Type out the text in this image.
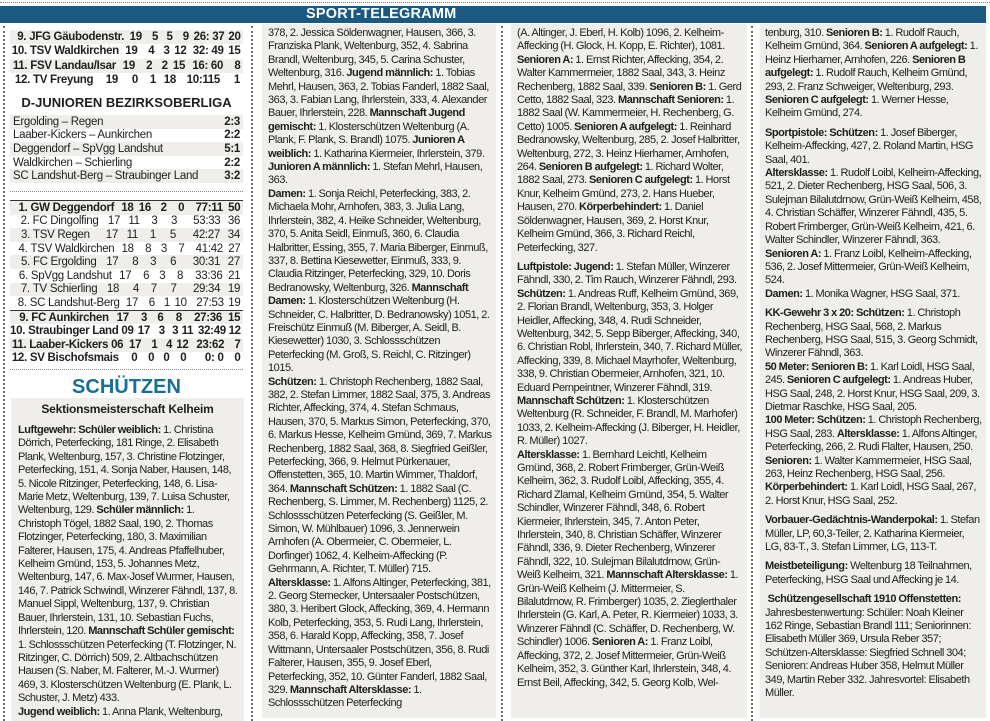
SPORT-TELEGRAMM
9. JFG Gäubodenstr. 19 5 5 9 26: 37 20
10. TSV Waldkirchen 19 4 3 12 32: 49 15
11. FSV Landau/Isar 19 2 2 15 16: 60 8
12. TV Freyung	19	0	1 18 10:115	1
D-JUNIOREN BEZIRKSOBERLIGA
Ergolding – Regen	2:3
Laaber-Kickers – Aunkirchen	2:2
Deggendorf – SpVgg Landshut	5:1
Waldkirchen – Schierling	2:2
SC Landshut-Berg – Straubinger Land	3:2
1. GW Deggendorf 18 16 2 0 77:11 50
2. FC Dingolfing 17 11	3	3	53:33 36
3. TSV Regen	17 11	1	5	42:27 34
4. TSV Waldkirchen 18 8 3 7 41:42 27
5. FC Ergolding 17	8	3	6	30:31 27
6. SpVgg Landshut 17	6 3	8	33:36 21
7. TV Schierling 18	4	7	7	29:34 19
8. SC Landshut-Berg 17 6 1 10 27:53 19
9. FC Aunkirchen 17	3 6	8	27:36 15
10. Straubinger Land 09 17 3 3 11 32:49 12
11. Laaber-Kickers 06 17 1 4 12 23:62 7
12. SV Bischofsmais	0 0 0 0	0: 0 0
SCHÜTZEN
Sektionsmeisterschaft Kelheim

Luftgewehr: Schüler weiblich: 1. Christina Dörrich, Peterfecking, 181 Ringe, 2. Elisabeth Plank, Weltenburg, 157, 3. Christine Flotzinger, Peterfecking, 151, 4. Sonja Naber, Hausen, 148, 5. Nicole Ritzinger, Peterfecking, 148, 6. Lisa-Marie Metz, Weltenburg, 139, 7. Luisa Schuster, Weltenburg, 129. Schüler männlich: 1. Christoph Tögel, 1882 Saal, 190, 2. Thomas Flotzinger, Peterfecking, 180, 3. Maximilian Falterer, Hausen, 175, 4. Andreas Pfaffelhuber, Kelheim Gmünd, 153, 5. Johannes Metz, Weltenburg, 147, 6. Max-Josef Wurmer, Hausen, 146, 7. Patrick Schwindl, Winzerer Fähndl, 137, 8. Manuel Sippl, Weltenburg, 137, 9. Christian Bauer, Ihrlerstein, 131, 10. Sebastian Fuchs, Ihrlerstein, 120. Mannschaft Schüler gemischt: 1. Schlossschützen Peterfecking (T. Flotzinger, N. Ritzinger, C. Dörrich) 509, 2. Altbachschützen Hausen (S. Naber, M. Falterer, M.-J. Wurmer) 469, 3. Klosterschützen Weltenburg (E. Plank, L. Schuster, J. Metz) 433.

Jugend weiblich: 1. Anna Plank, Weltenburg,

378, 2. Jessica Söldenwagner, Hausen, 366, 3. Franziska Plank, Weltenburg, 352, 4. Sabrina Brandl, Weltenburg, 345, 5. Carina Schuster, Weltenburg, 316. Jugend männlich: 1. Tobias Mehrl, Hausen, 363, 2. Tobias Fanderl, 1882 Saal, 363, 3. Fabian Lang, Ihrlerstein, 333, 4. Alexander Bauer, Ihrlerstein, 228. Mannschaft Jugend gemischt: 1. Klosterschützen Weltenburg (A. Plank, F. Plank, S. Brandl) 1075. Junioren A weiblich: 1. Katharina Kiermeier, Ihrlerstein, 379. Junioren A männlich: 1. Stefan Mehrl, Hausen, 363.

Damen: 1. Sonja Reichl, Peterfecking, 383, 2. Michaela Mohr, Arnhofen, 383, 3. Julia Lang, Ihrlerstein, 382, 4. Heike Schneider, Weltenburg, 370, 5. Anita Seidl, Einmuß, 360, 6. Claudia Halbritter, Essing, 355, 7. Maria Biberger, Einmuß, 337, 8. Bettina Kiesewetter, Einmuß, 333, 9. Claudia Ritzinger, Peterfecking, 329, 10. Doris Bedranowsky, Weltenburg, 326. Mannschaft Damen: 1. Klosterschützen Weltenburg (H. Schneider, C. Halbritter, D. Bedranowsky) 1051, 2. Freischütz Einmuß (M. Biberger, A. Seidl, B. Kiesewetter) 1030, 3. Schlossschützen Peterfecking (M. Groß, S. Reichl, C. Ritzinger) 1015.

Schützen: 1. Christoph Rechenberg, 1882 Saal, 382, 2. Stefan Limmer, 1882 Saal, 375, 3. Andreas Richter, Affecking, 374, 4. Stefan Schmaus, Hausen, 370, 5. Markus Simon, Peterfecking, 370, 6. Markus Hesse, Kelheim Gmünd, 369, 7. Markus Rechenberg, 1882 Saal, 368, 8. Siegfried Geißler, Peterfecking, 366, 9. Helmut Pürkenauer, Offenstetten, 365, 10. Martin Wimmer, Thaldorf, 364. Mannschaft Schützen: 1. 1882 Saal (C. Rechenberg, S. Limmer, M. Rechenberg) 1125, 2. Schlossschützen Peterfecking (S. Geißler, M. Simon, W. Mühlbauer) 1096, 3. Jennerwein Arnhofen (A. Obermeier, C. Obermeier, L. Dorfinger) 1062, 4. Kelheim-Affecking (P. Gehrmann, A. Richter, T. Müller) 715.

Altersklasse: 1. Alfons Altinger, Peterfecking, 381, 2. Georg Sternecker, Untersaaler Postschützen, 380, 3. Heribert Glock, Affecking, 369, 4. Hermann Kolb, Peterfecking, 353, 5. Rudi Lang, Ihrlerstein, 358, 6. Harald Kopp, Affecking, 358, 7. Josef Wittmann, Untersaaler Postschützen, 356, 8. Rudi Falterer, Hausen, 355, 9. Josef Eberl, Peterfecking, 352, 10. Günter Fanderl, 1882 Saal, 329. Mannschaft Altersklasse: 1. Schlossschützen Peterfecking

(A. Altinger, J. Eberl, H. Kolb) 1096, 2. Kelheim-Affecking (H. Glock, H. Kopp, E. Richter), 1081. Senioren A: 1. Ernst Richter, Affecking, 354, 2. Walter Kammermeier, 1882 Saal, 343, 3. Heinz Rechenberg, 1882 Saal, 339. Senioren B: 1. Gerd Cetto, 1882 Saal, 323. Mannschaft Senioren: 1. 1882 Saal (W. Kammermeier, H. Rechenberg, G. Cetto) 1005. Senioren A aufgelegt: 1. Reinhard Bedranowsky, Weltenburg, 285, 2. Josef Halbritter, Weltenburg, 272, 3. Heinz Hierhamer, Arnhofen, 264. Senioren B aufgelegt: 1. Richard Wolter, 1882 Saal, 273. Senioren C aufgelegt: 1. Horst Knur, Kelheim Gmünd, 273, 2. Hans Hueber, Hausen, 270. Körperbehindert: 1. Daniel Söldenwagner, Hausen, 369, 2. Horst Knur, Kelheim Gmünd, 366, 3. Richard Reichl, Peterfecking, 327.

Luftpistole: Jugend: 1. Stefan Müller, Winzerer Fähndl, 330, 2. Tim Rauch, Winzerer Fähndl, 293.

Schützen: 1. Andreas Ruff, Kelheim Gmünd, 369, 2. Florian Brandl, Weltenburg, 353, 3. Holger Heidler, Affecking, 348, 4. Rudi Schneider, Weltenburg, 342, 5. Sepp Biberger, Affecking, 340, 6. Christian Robl, Ihrlerstein, 340, 7. Richard Müller, Affecking, 339, 8. Michael Mayrhofer, Weltenburg, 338, 9. Christian Obermeier, Arnhofen, 321, 10. Eduard Pernpeintner, Winzerer Fähndl, 319. Mannschaft Schützen: 1. Klosterschützen Weltenburg (R. Schneider, F. Brandl, M. Marhofer) 1033, 2. Kelheim-Affecking (J. Biberger, H. Heidler, R. Müller) 1027.

Altersklasse: 1. Bernhard Leichtl, Kelheim Gmünd, 368, 2. Robert Frimberger, Grün-Weiß Kelheim, 362, 3. Rudolf Loibl, Affecking, 355, 4. Richard Zlamal, Kelheim Gmünd, 354, 5. Walter Schindler, Winzerer Fähndl, 348, 6. Robert Kiermeier, Ihrlerstein, 345, 7. Anton Peter, Ihrlerstein, 340, 8. Christian Schäffer, Winzerer Fähndl, 336, 9. Dieter Rechenberg, Winzerer Fähndl, 322, 10. Sulejman Bilalutdrnow, Grün-Weiß Kelheim, 321. Mannschaft Altersklasse: 1. Grün-Weiß Kelheim (J. Mittermeier, S. Bilalutdrnow, R. Frimberger) 1035, 2. Zieglerthaler Ihrlerstein (G. Karl, A. Peter, R. Kiermeier) 1033, 3. Winzerer Fähndl (C. Schäffer, D. Rechenberg, W. Schindler) 1006. Senioren A: 1. Franz Loibl, Affecking, 372, 2. Josef Mittermeier, Grün-Weiß Kelheim, 352, 3. Günther Karl, Ihrlerstein, 348, 4. Ernst Beil, Affecking, 342, 5. Georg Kolb, Wel-

tenburg, 310. Senioren B: 1. Rudolf Rauch, Kelheim Gmünd, 364. Senioren A aufgelegt: 1. Heinz Hierhamer, Arnhofen, 226. Senioren B aufgelegt: 1. Rudolf Rauch, Kelheim Gmünd, 293, 2. Franz Schweiger, Weltenburg, 293. Senioren C aufgelegt: 1. Werner Hesse, Kelheim Gmünd, 274.

Sportpistole: Schützen: 1. Josef Biberger, Kelheim-Affecking, 427, 2. Roland Martin, HSG Saal, 401.

Altersklasse: 1. Rudolf Loibl, Kelheim-Affecking, 521, 2. Dieter Rechenberg, HSG Saal, 506, 3. Sulejman Bilalutdrnow, Grün-Weiß Kelheim, 458, 4. Christian Schäffer, Winzerer Fähndl, 435, 5. Robert Frimberger, Grün-Weiß Kelheim, 421, 6. Walter Schindler, Winzerer Fähndl, 363. Senioren A: 1. Franz Loibl, Kelheim-Affecking, 536, 2. Josef Mittermeier, Grün-Weiß Kelheim, 524.

Damen: 1. Monika Wagner, HSG Saal, 371.

KK-Gewehr 3 x 20: Schützen: 1. Christoph Rechenberg, HSG Saal, 568, 2. Markus Rechenberg, HSG Saal, 515, 3. Georg Schmidt, Winzerer Fähndl, 363.

50 Meter: Senioren B: 1. Karl Loidl, HSG Saal, 245. Senioren C aufgelegt: 1. Andreas Huber, HSG Saal, 248, 2. Horst Knur, HSG Saal, 209, 3. Dietmar Raschke, HSG Saal, 205.

100 Meter: Schützen: 1. Christoph Rechenberg, HSG Saal, 283. Altersklasse: 1. Alfons Altinger, Peterfecking, 266, 2. Rudi Flalter, Hausen, 250. Senioren: 1. Walter Kammermeier, HSG Saal, 263, Heinz Rechenberg, HSG Saal, 256. Körperbehindert: 1. Karl Loidl, HSG Saal, 267, 2. Horst Knur, HSG Saal, 252.

Vorbauer-Gedächtnis-Wanderpokal: 1. Stefan Müller, LP, 60,3-Teiler, 2. Katharina Kiermeier, LG, 83-T., 3. Stefan Limmer, LG, 113-T.

Meistbeteiligung: Weltenburg 18 Teilnahmen, Peterfecking, HSG Saal und Affecking je 14.

Schützengesellschaft 1910 Offenstetten:

Jahresbestenwertung: Schüler: Noah Kleiner 162 Ringe, Sebastian Brandl 111; Seniorinnen: Elisabeth Müller 369, Ursula Reber 357; Schützen-Altersklasse: Siegfried Schnell 304; Senioren: Andreas Huber 358, Helmut Müller 349, Martin Reber 332. Jahresvortel: Elisabeth Müller.
